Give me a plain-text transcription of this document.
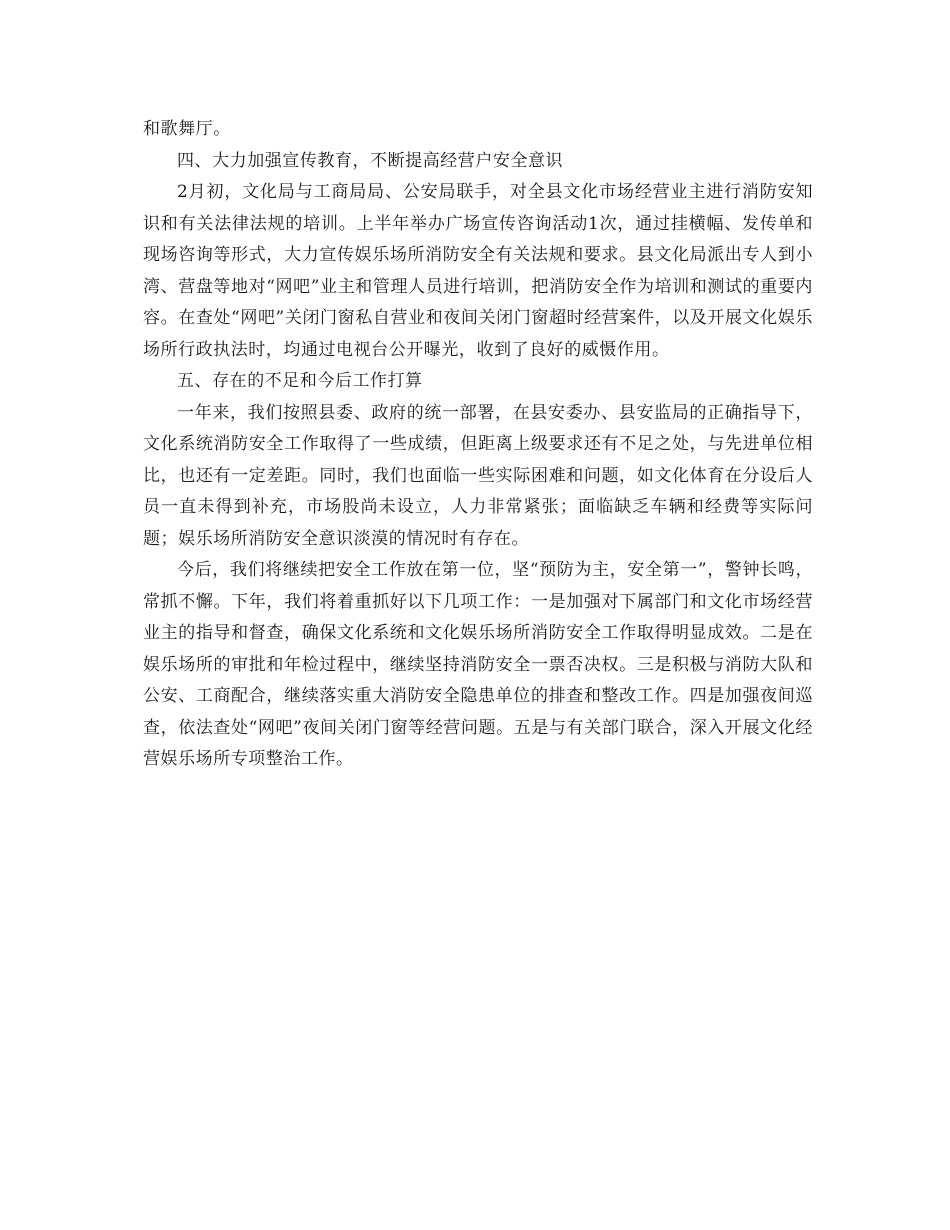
和歌舞厅。

四、大力加强宣传教育，不断提高经营户安全意识

2月初，文化局与工商局局、公安局联手，对全县文化市场经营业主进行消防安知识和有关法律法规的培训。上半年举办广场宣传咨询活动1次，通过挂横幅、发传单和现场咨询等形式，大力宣传娱乐场所消防安全有关法规和要求。县文化局派出专人到小湾、营盘等地对“网吧”业主和管理人员进行培训，把消防安全作为培训和测试的重要内容。在查处“网吧”关闭门窗私自营业和夜间关闭门窗超时经营案件，以及开展文化娱乐场所行政执法时，均通过电视台公开曝光，收到了良好的威慑作用。

五、存在的不足和今后工作打算

一年来，我们按照县委、政府的统一部署，在县安委办、县安监局的正确指导下，文化系统消防安全工作取得了一些成绩，但距离上级要求还有不足之处，与先进单位相比，也还有一定差距。同时，我们也面临一些实际困难和问题，如文化体育在分设后人员一直未得到补充，市场股尚未设立，人力非常紧张；面临缺乏车辆和经费等实际问题；娱乐场所消防安全意识淡漠的情况时有存在。

今后，我们将继续把安全工作放在第一位，坚“预防为主，安全第一”，警钟长鸣，常抓不懈。下年，我们将着重抓好以下几项工作：一是加强对下属部门和文化市场经营业主的指导和督查，确保文化系统和文化娱乐场所消防安全工作取得明显成效。二是在娱乐场所的审批和年检过程中，继续坚持消防安全一票否决权。三是积极与消防大队和公安、工商配合，继续落实重大消防安全隐患单位的排查和整改工作。四是加强夜间巡查，依法查处“网吧”夜间关闭门窗等经营问题。五是与有关部门联合，深入开展文化经营娱乐场所专项整治工作。
